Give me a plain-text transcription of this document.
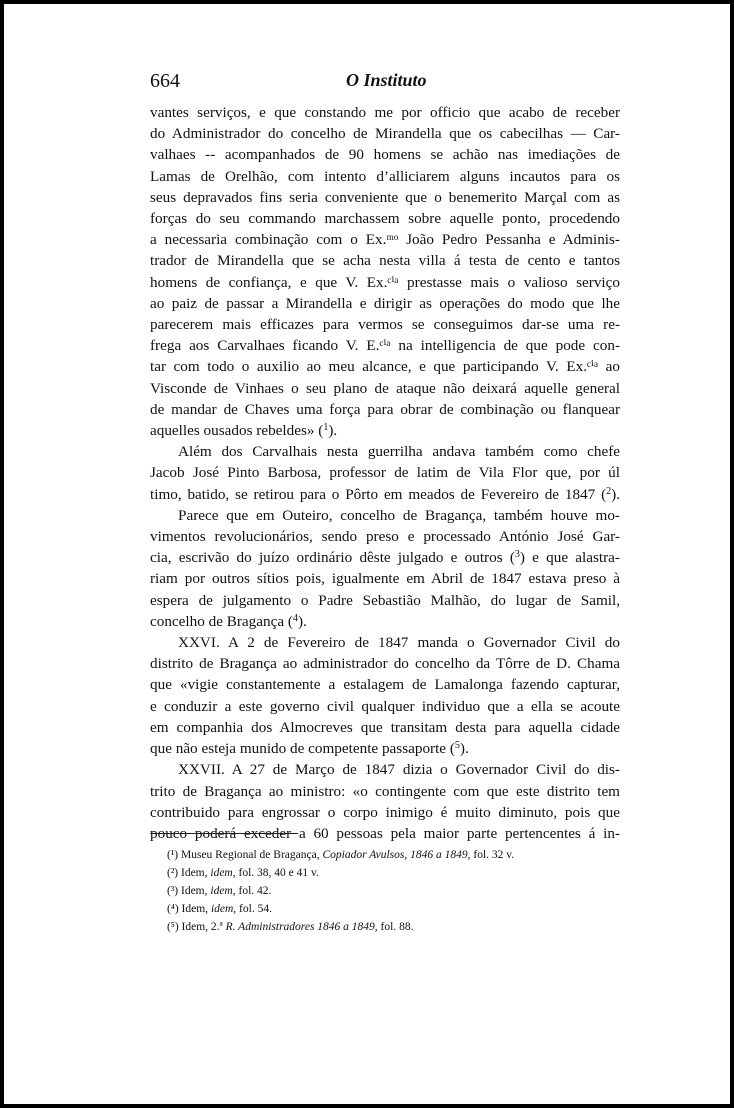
664	O Instituto
vantes serviços, e que constando me por officio que acabo de receber
do Administrador do concelho de Mirandella que os cabecilhas — Car-
valhaes -- acompanhados de 90 homens se achão nas imediações de
Lamas de Orelhão, com intento d’alliciarem alguns incautos para os
seus depravados fins seria conveniente que o benemerito Marçal com as
forças do seu commando marchassem sobre aquelle ponto, procedendo
a necessaria combinação com o Ex.ᵐᵒ João Pedro Pessanha e Adminis-
trador de Mirandella que se acha nesta villa á testa de cento e tantos
homens de confiança, e que V. Ex.ᶜⁱᵃ prestasse mais o valioso serviço
ao paiz de passar a Mirandella e dirigir as operações do modo que lhe
parecerem mais efficazes para vermos se conseguimos dar-se uma re-
frega aos Carvalhaes ficando V. E.ᶜⁱᵃ na intelligencia de que pode con-
tar com todo o auxilio ao meu alcance, e que participando V. Ex.ᶜⁱᵃ ao
Visconde de Vinhaes o seu plano de ataque não deixará aquelle general
de mandar de Chaves uma força para obrar de combinação ou flanquear
aquelles ousados rebeldes» ($^1$).
Além dos Carvalhais nesta guerrilha andava também como chefe
Jacob José Pinto Barbosa, professor de latim de Vila Flor que, por úl
timo, batido, se retirou para o Pôrto em meados de Fevereiro de 1847 ($^2$).
Parece que em Outeiro, concelho de Bragança, também houve mo-
vimentos revolucionários, sendo preso e processado António José Gar-
cia, escrivão do juízo ordinário dêste julgado e outros ($^3$) e que alastra-
riam por outros sítios pois, igualmente em Abril de 1847 estava preso à
espera de julgamento o Padre Sebastião Malhão, do lugar de Samil,
concelho de Bragança ($^4$).
XXVI. A 2 de Fevereiro de 1847 manda o Governador Civil do
distrito de Bragança ao administrador do concelho da Tôrre de D. Chama
que «vigie constantemente a estalagem de Lamalonga fazendo capturar,
e conduzir a este governo civil qualquer individuo que a ella se acoute
em companhia dos Almocreves que transitam desta para aquella cidade
que não esteja munido de competente passaporte ($^5$).
XXVII. A 27 de Março de 1847 dizia o Governador Civil do dis-
trito de Bragança ao ministro: «o contingente com que este distrito tem
contribuido para engrossar o corpo inimigo é muito diminuto, pois que
pouco poderá exceder a 60 pessoas pela maior parte pertencentes á in-
(¹) Museu Regional de Bragança, Copiador Avulsos, 1846 a 1849, fol. 32 v.
(²) Idem, idem, fol. 38, 40 e 41 v.
(³) Idem, idem, fol. 42.
(⁴) Idem, idem, fol. 54.
(⁵) Idem, 2.ª R. Administradores 1846 a 1849, fol. 88.
